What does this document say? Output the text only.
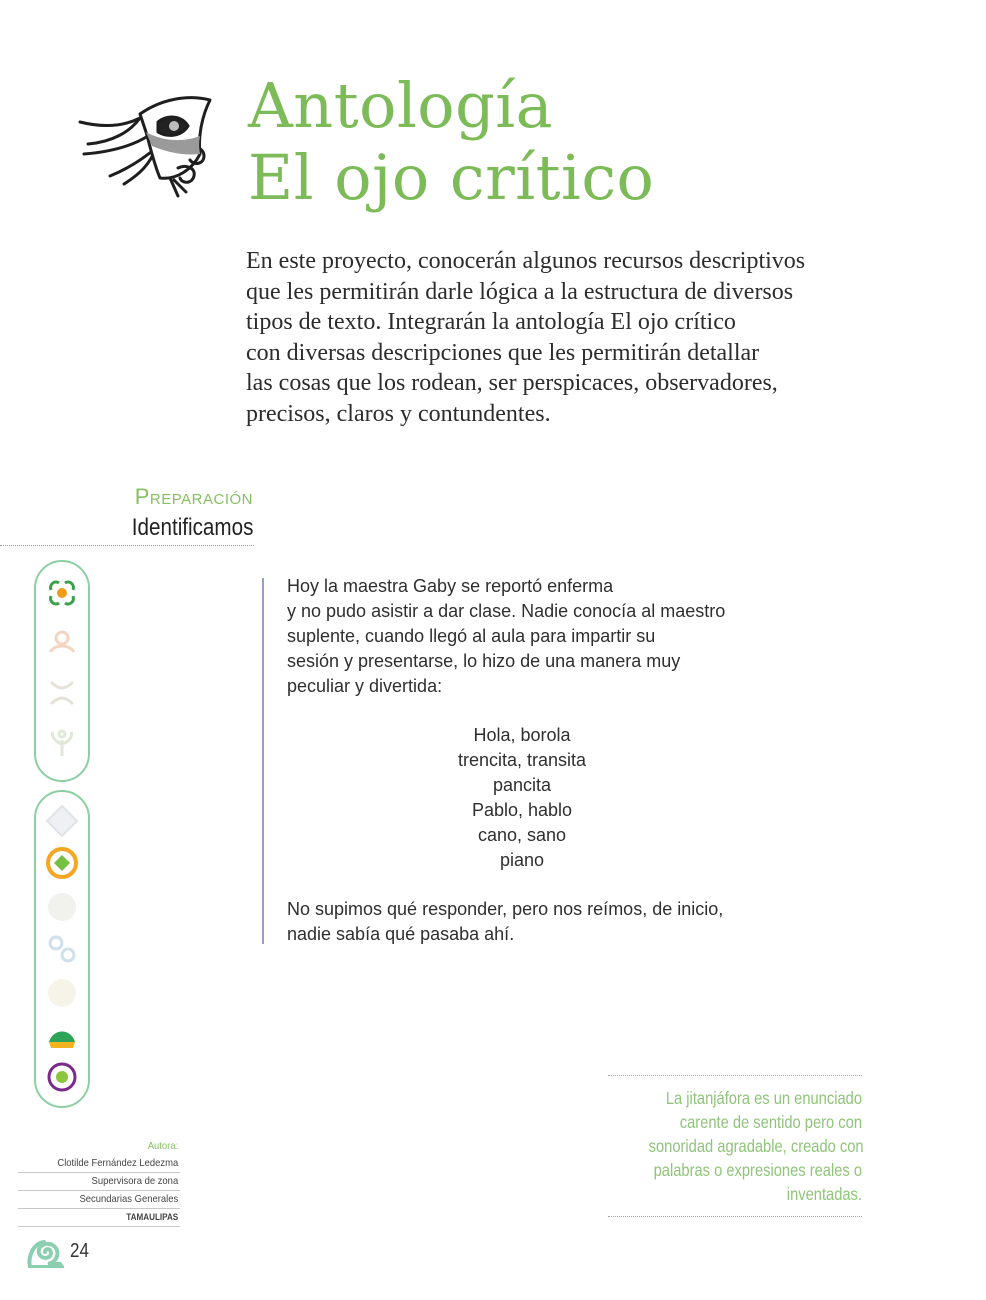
Antología
El ojo crítico
En este proyecto, conocerán algunos recursos descriptivos
que les permitirán darle lógica a la estructura de diversos
tipos de texto. Integrarán la antología El ojo crítico
con diversas descripciones que les permitirán detallar
las cosas que los rodean, ser perspicaces, observadores,
precisos, claros y contundentes.
Preparación
Identificamos
Hoy la maestra Gaby se reportó enferma
y no pudo asistir a dar clase. Nadie conocía al maestro
suplente, cuando llegó al aula para impartir su
sesión y presentarse, lo hizo de una manera muy
peculiar y divertida:
Hola, borola
trencita, transita
pancita
Pablo, hablo
cano, sano
piano
No supimos qué responder, pero nos reímos, de inicio,
nadie sabía qué pasaba ahí.
La jitanjáfora es un enunciado
carente de sentido pero con
sonoridad agradable, creado con
palabras o expresiones reales o
inventadas.
Autora:
Clotilde Fernández Ledezma
Supervisora de zona
Secundarias Generales
TAMAULIPAS
24
